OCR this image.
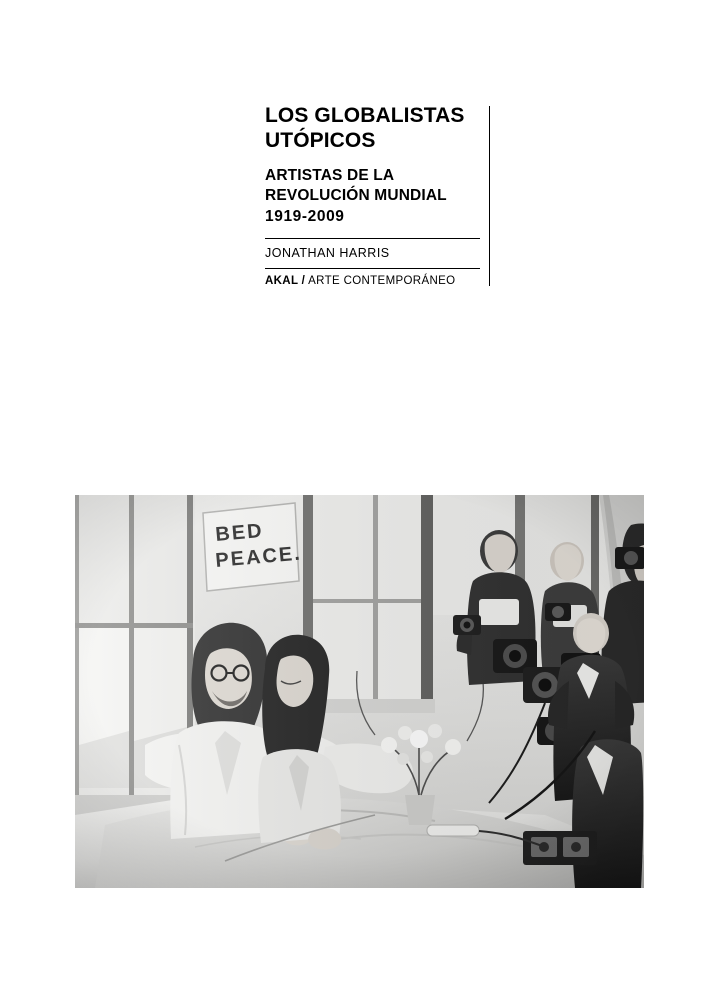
LOS GLOBALISTAS
UTÓPICOS
ARTISTAS DE LA
REVOLUCIÓN MUNDIAL
1919-2009

JONATHAN HARRIS

AKAL / ARTE CONTEMPORÁNEO
